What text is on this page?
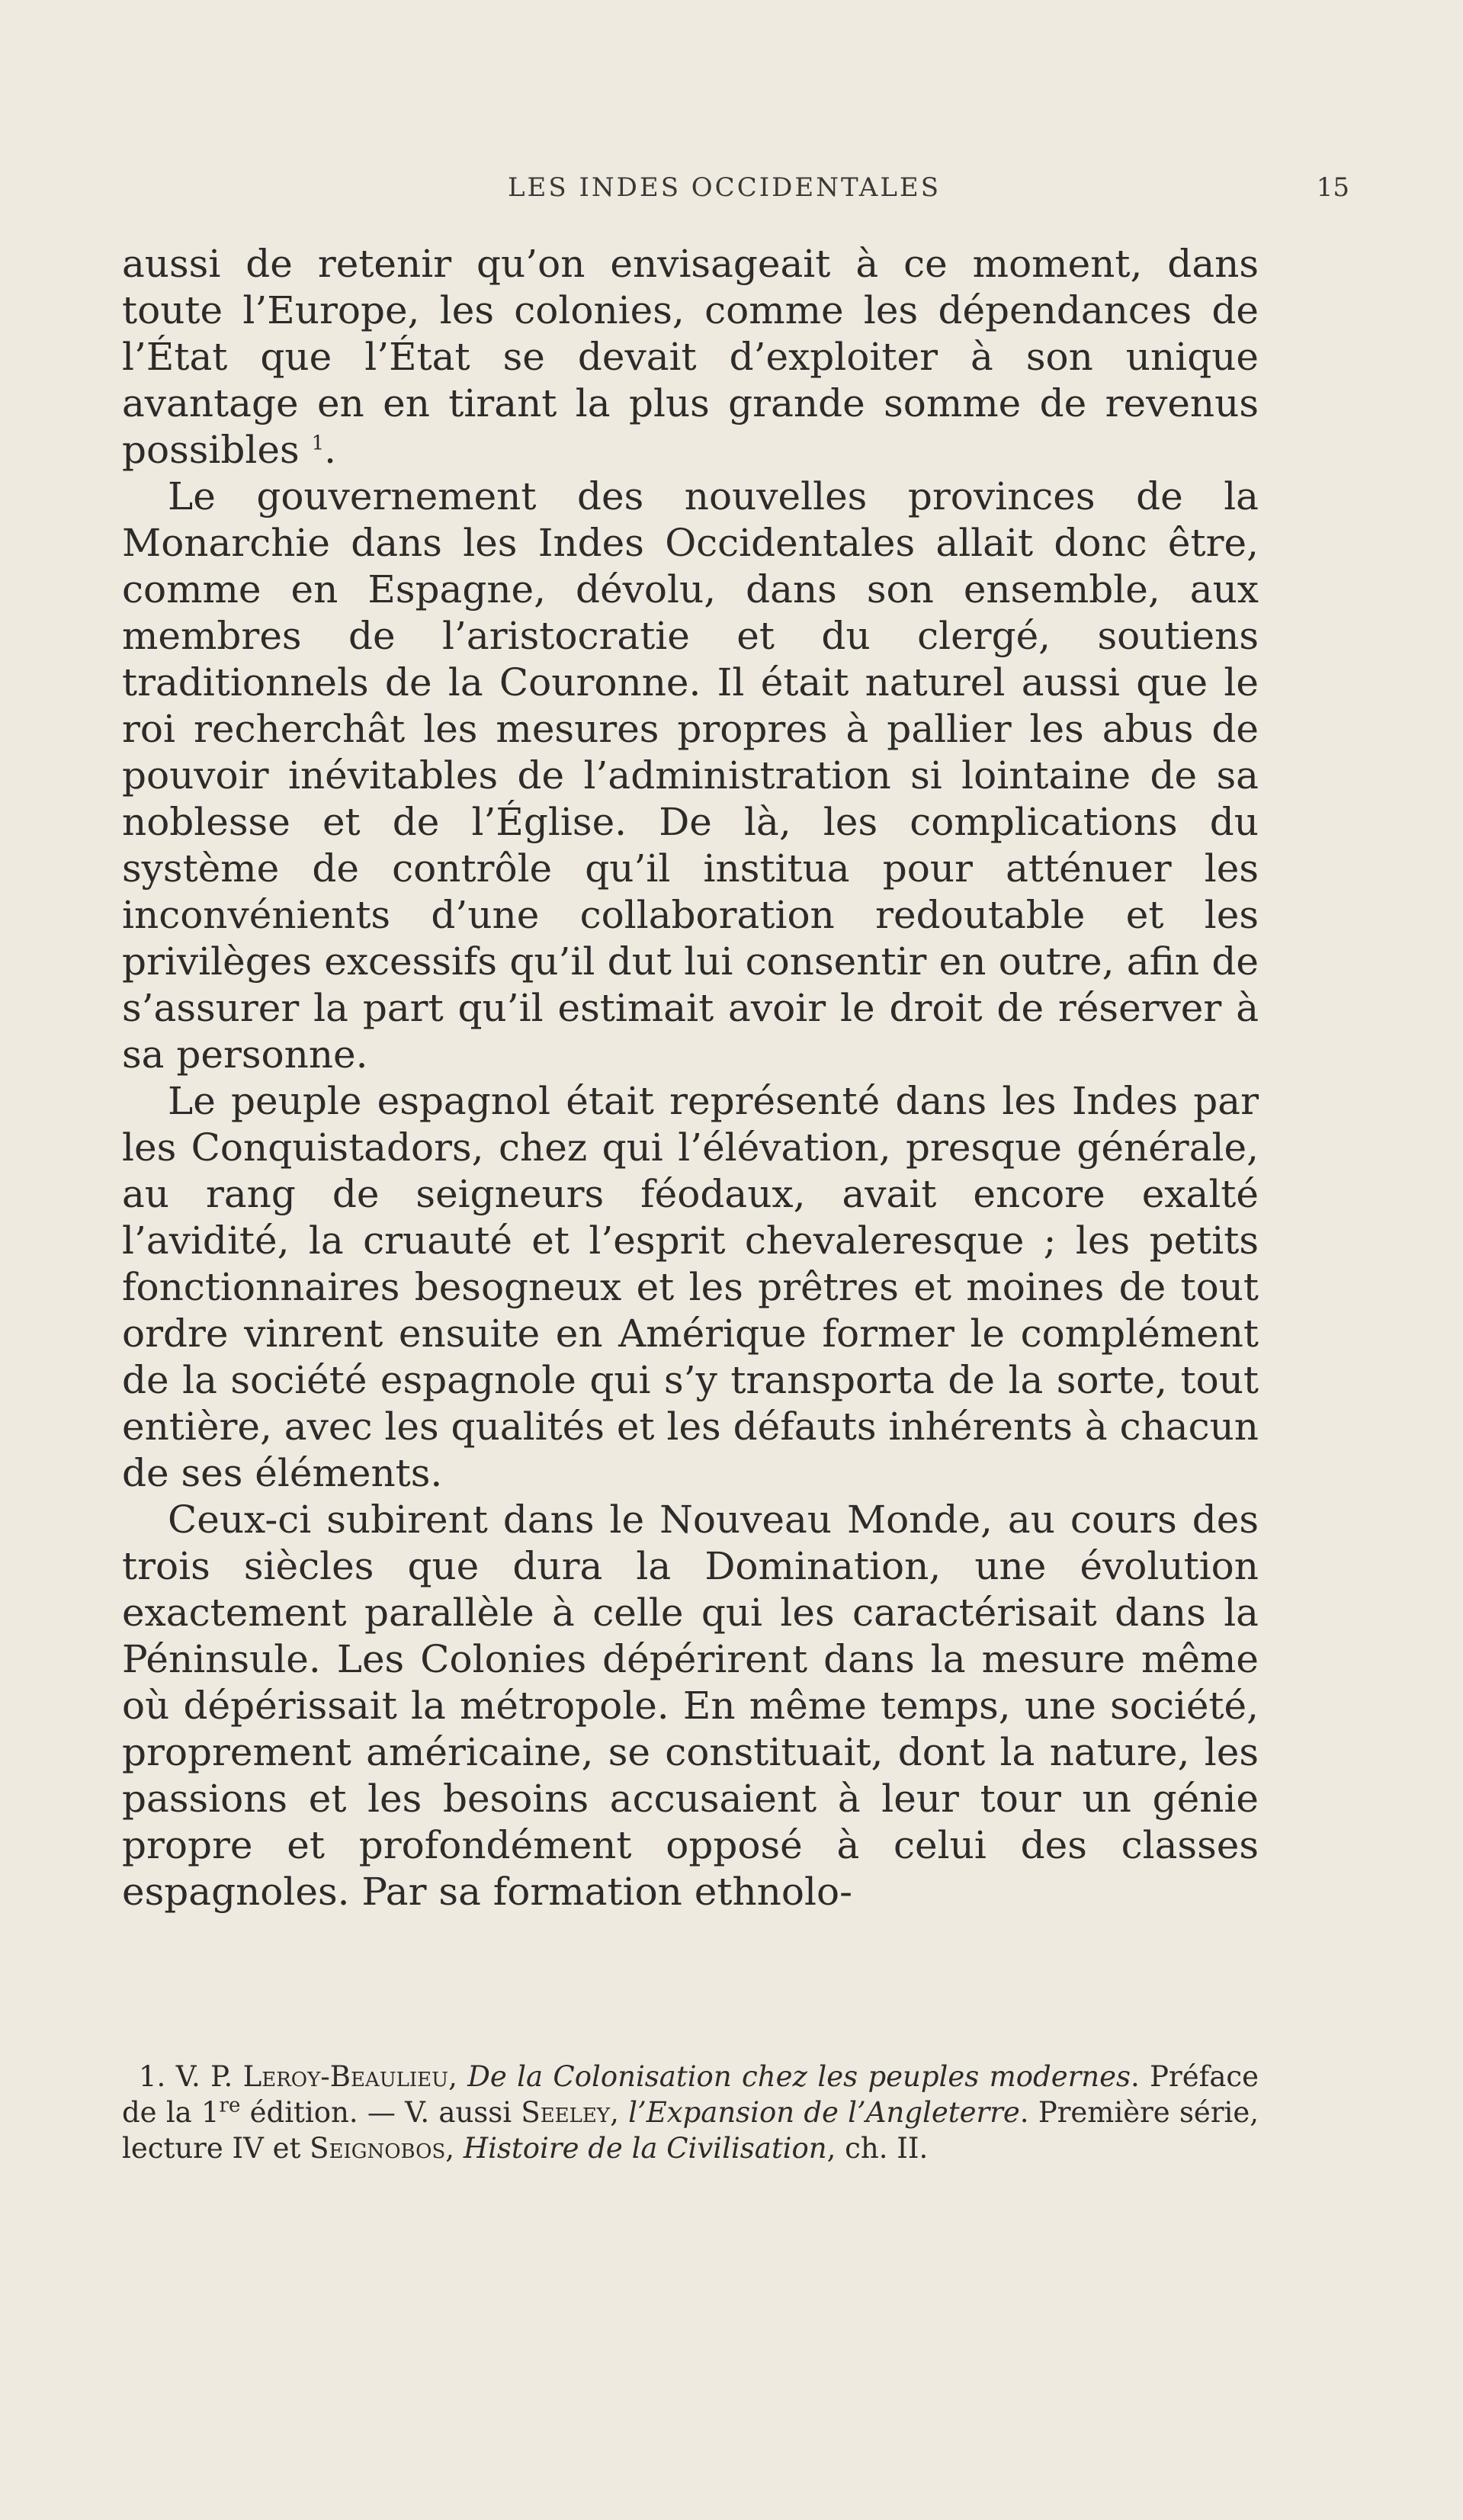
LES INDES OCCIDENTALES	15

aussi de retenir qu’on envisageait à ce moment, dans toute l’Europe, les colonies, comme les dépendances de l’État que l’État se devait d’exploiter à son unique avantage en en tirant la plus grande somme de revenus possibles $^1$.

Le gouvernement des nouvelles provinces de la Monarchie dans les Indes Occidentales allait donc être, comme en Espagne, dévolu, dans son ensemble, aux membres de l’aristocratie et du clergé, soutiens traditionnels de la Couronne. Il était naturel aussi que le roi recherchât les mesures propres à pallier les abus de pouvoir inévitables de l’administration si lointaine de sa noblesse et de l’Église. De là, les complications du système de contrôle qu’il institua pour atténuer les inconvénients d’une collaboration redoutable et les privilèges excessifs qu’il dut lui consentir en outre, afin de s’assurer la part qu’il estimait avoir le droit de réserver à sa personne.

Le peuple espagnol était représenté dans les Indes par les Conquistadors, chez qui l’élévation, presque générale, au rang de seigneurs féodaux, avait encore exalté l’avidité, la cruauté et l’esprit chevaleresque ; les petits fonctionnaires besogneux et les prêtres et moines de tout ordre vinrent ensuite en Amérique former le complément de la société espagnole qui s’y transporta de la sorte, tout entière, avec les qualités et les défauts inhérents à chacun de ses éléments.

Ceux-ci subirent dans le Nouveau Monde, au cours des trois siècles que dura la Domination, une évolution exactement parallèle à celle qui les caractérisait dans la Péninsule. Les Colonies dépérirent dans la mesure même où dépérissait la métropole. En même temps, une société, proprement américaine, se constituait, dont la nature, les passions et les besoins accusaient à leur tour un génie propre et profondément opposé à celui des classes espagnoles. Par sa formation ethnolo-

1. V. P. Leroy-Beaulieu, De la Colonisation chez les peuples modernes. Préface de la 1re édition. — V. aussi Seeley, l’Expansion de l’Angleterre. Première série, lecture IV et Seignobos, Histoire de la Civilisation, ch. II.
